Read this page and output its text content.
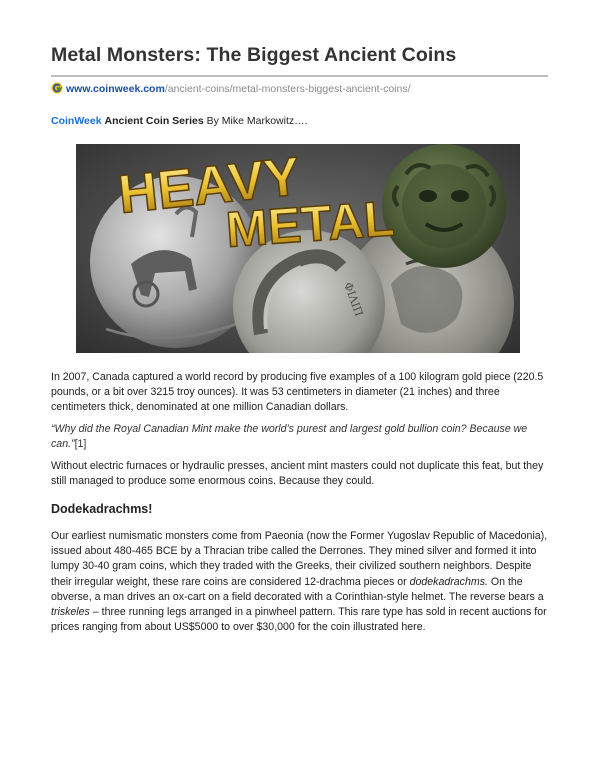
Metal Monsters: The Biggest Ancient Coins
www.coinweek.com/ancient-coins/metal-monsters-biggest-ancient-coins/
CoinWeek Ancient Coin Series By Mike Markowitz….
ΦΙΛΙΠ
HEAVY
METAL

In 2007, Canada captured a world record by producing five examples of a 100 kilogram gold piece (220.5 pounds, or a bit over 3215 troy ounces). It was 53 centimeters in diameter (21 inches) and three centimeters thick, denominated at one million Canadian dollars.

“Why did the Royal Canadian Mint make the world’s purest and largest gold bullion coin? Because we can.”[1]

Without electric furnaces or hydraulic presses, ancient mint masters could not duplicate this feat, but they still managed to produce some enormous coins. Because they could.

Dodekadrachms!

Our earliest numismatic monsters come from Paeonia (now the Former Yugoslav Republic of Macedonia), issued about 480-465 BCE by a Thracian tribe called the Derrones. They mined silver and formed it into lumpy 30-40 gram coins, which they traded with the Greeks, their civilized southern neighbors. Despite their irregular weight, these rare coins are considered 12-drachma pieces or dodekadrachms. On the obverse, a man drives an ox-cart on a field decorated with a Corinthian-style helmet. The reverse bears a triskeles – three running legs arranged in a pinwheel pattern. This rare type has sold in recent auctions for prices ranging from about US$5000 to over $30,000 for the coin illustrated here.
